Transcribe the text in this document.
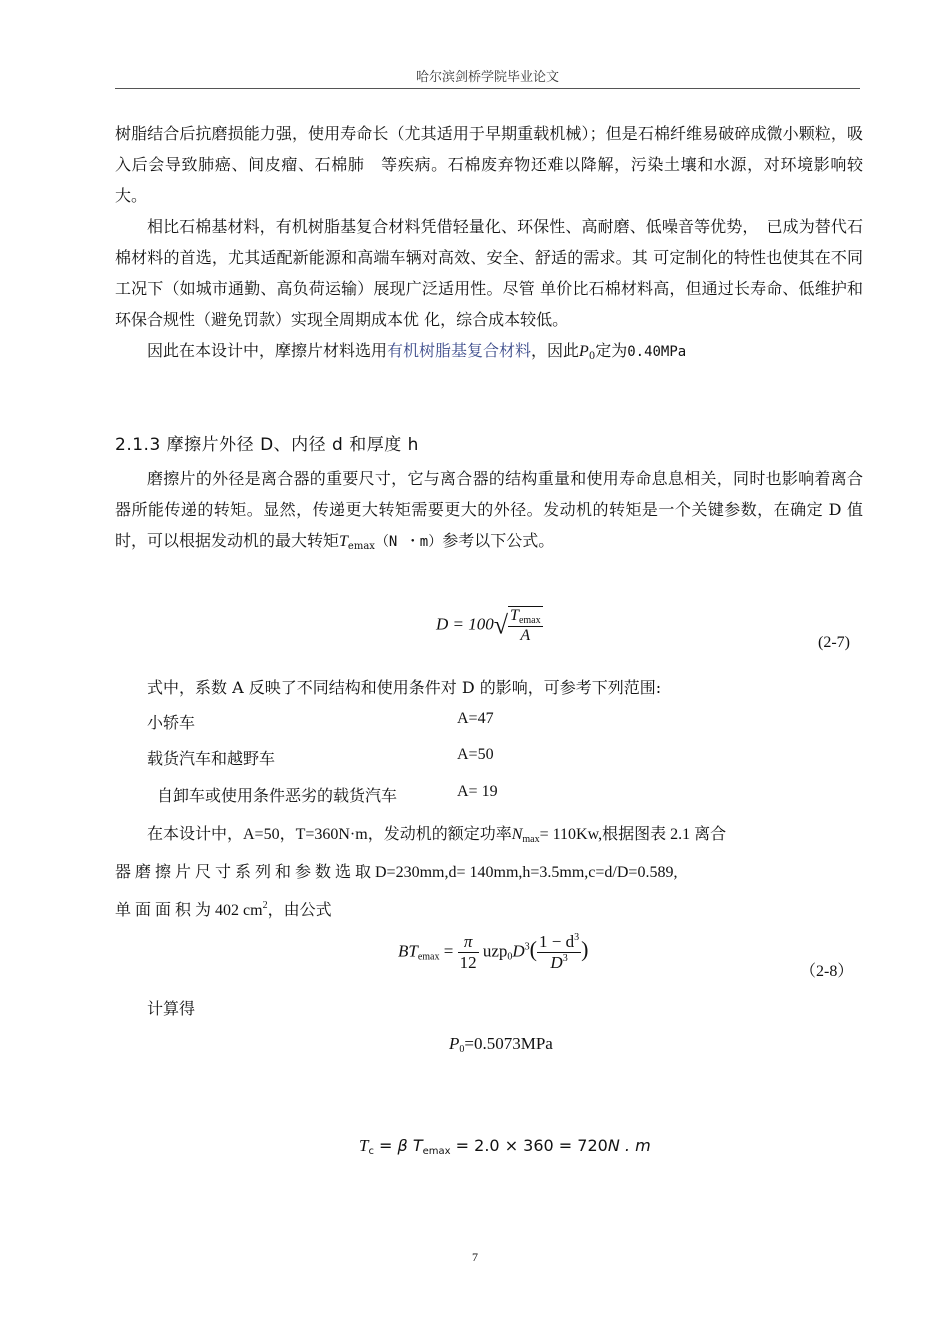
哈尔滨剑桥学院毕业论文

树脂结合后抗磨损能力强，使用寿命长（尤其适用于早期重载机械）；但是石棉纤维易破碎成微小颗粒，吸入后会导致肺癌、间皮瘤、石棉肺　等疾病。石棉废弃物还难以降解，污染土壤和水源，对环境影响较大。

相比石棉基材料，有机树脂基复合材料凭借轻量化、环保性、高耐磨、低噪音等优势，　已成为替代石棉材料的首选，尤其适配新能源和高端车辆对高效、安全、舒适的需求。其 可定制化的特性也使其在不同工况下（如城市通勤、高负荷运输）展现广泛适用性。尽管 单价比石棉材料高，但通过长寿命、低维护和环保合规性（避免罚款）实现全周期成本优 化，综合成本较低。

因此在本设计中，摩擦片材料选用有机树脂基复合材料，因此$P_0$定为0.40MPa

2.1.3 摩擦片外径 D、内径 d 和厚度 h

磨擦片的外径是离合器的重要尺寸，它与离合器的结构重量和使用寿命息息相关，同时也影响着离合器所能传递的转矩。显然，传递更大转矩需要更大的外径。发动机的转矩是一个关键参数，在确定 D 值时，可以根据发动机的最大转矩$T_{emax}(N$ ・m）参考以下公式。

$D = 100√ \frac{T_{emax}}{A}$	(2-7)
式中，系数 A 反映了不同结构和使用条件对 D 的影响，可参考下列范围:
小轿车	A=47
载货汽车和越野车	A=50
自卸车或使用条件恶劣的载货汽车	A= 19
在本设计中，A=50，T=360N·m，发动机的额定功率$N_{max}= 110Kw$,根据图表 2.1 离合
器 磨 擦 片 尺 寸 系 列 和 参 数 选 取 D=230mm,d= 140mm,h=3.5mm,c=d/D=0.589,
单 面 面 积 为 402 $cm^2$，由公式
$BT_{emax} = \frac{\pi}{12} uzp_0D^3( \frac{1 - d^3}{D^3}$ )
（2-8）
计算得
$P_0=0.5073MPa$
$T_c = \beta$ $T_{emax} = 2.0 \times 360 = 720N$ . m
7
